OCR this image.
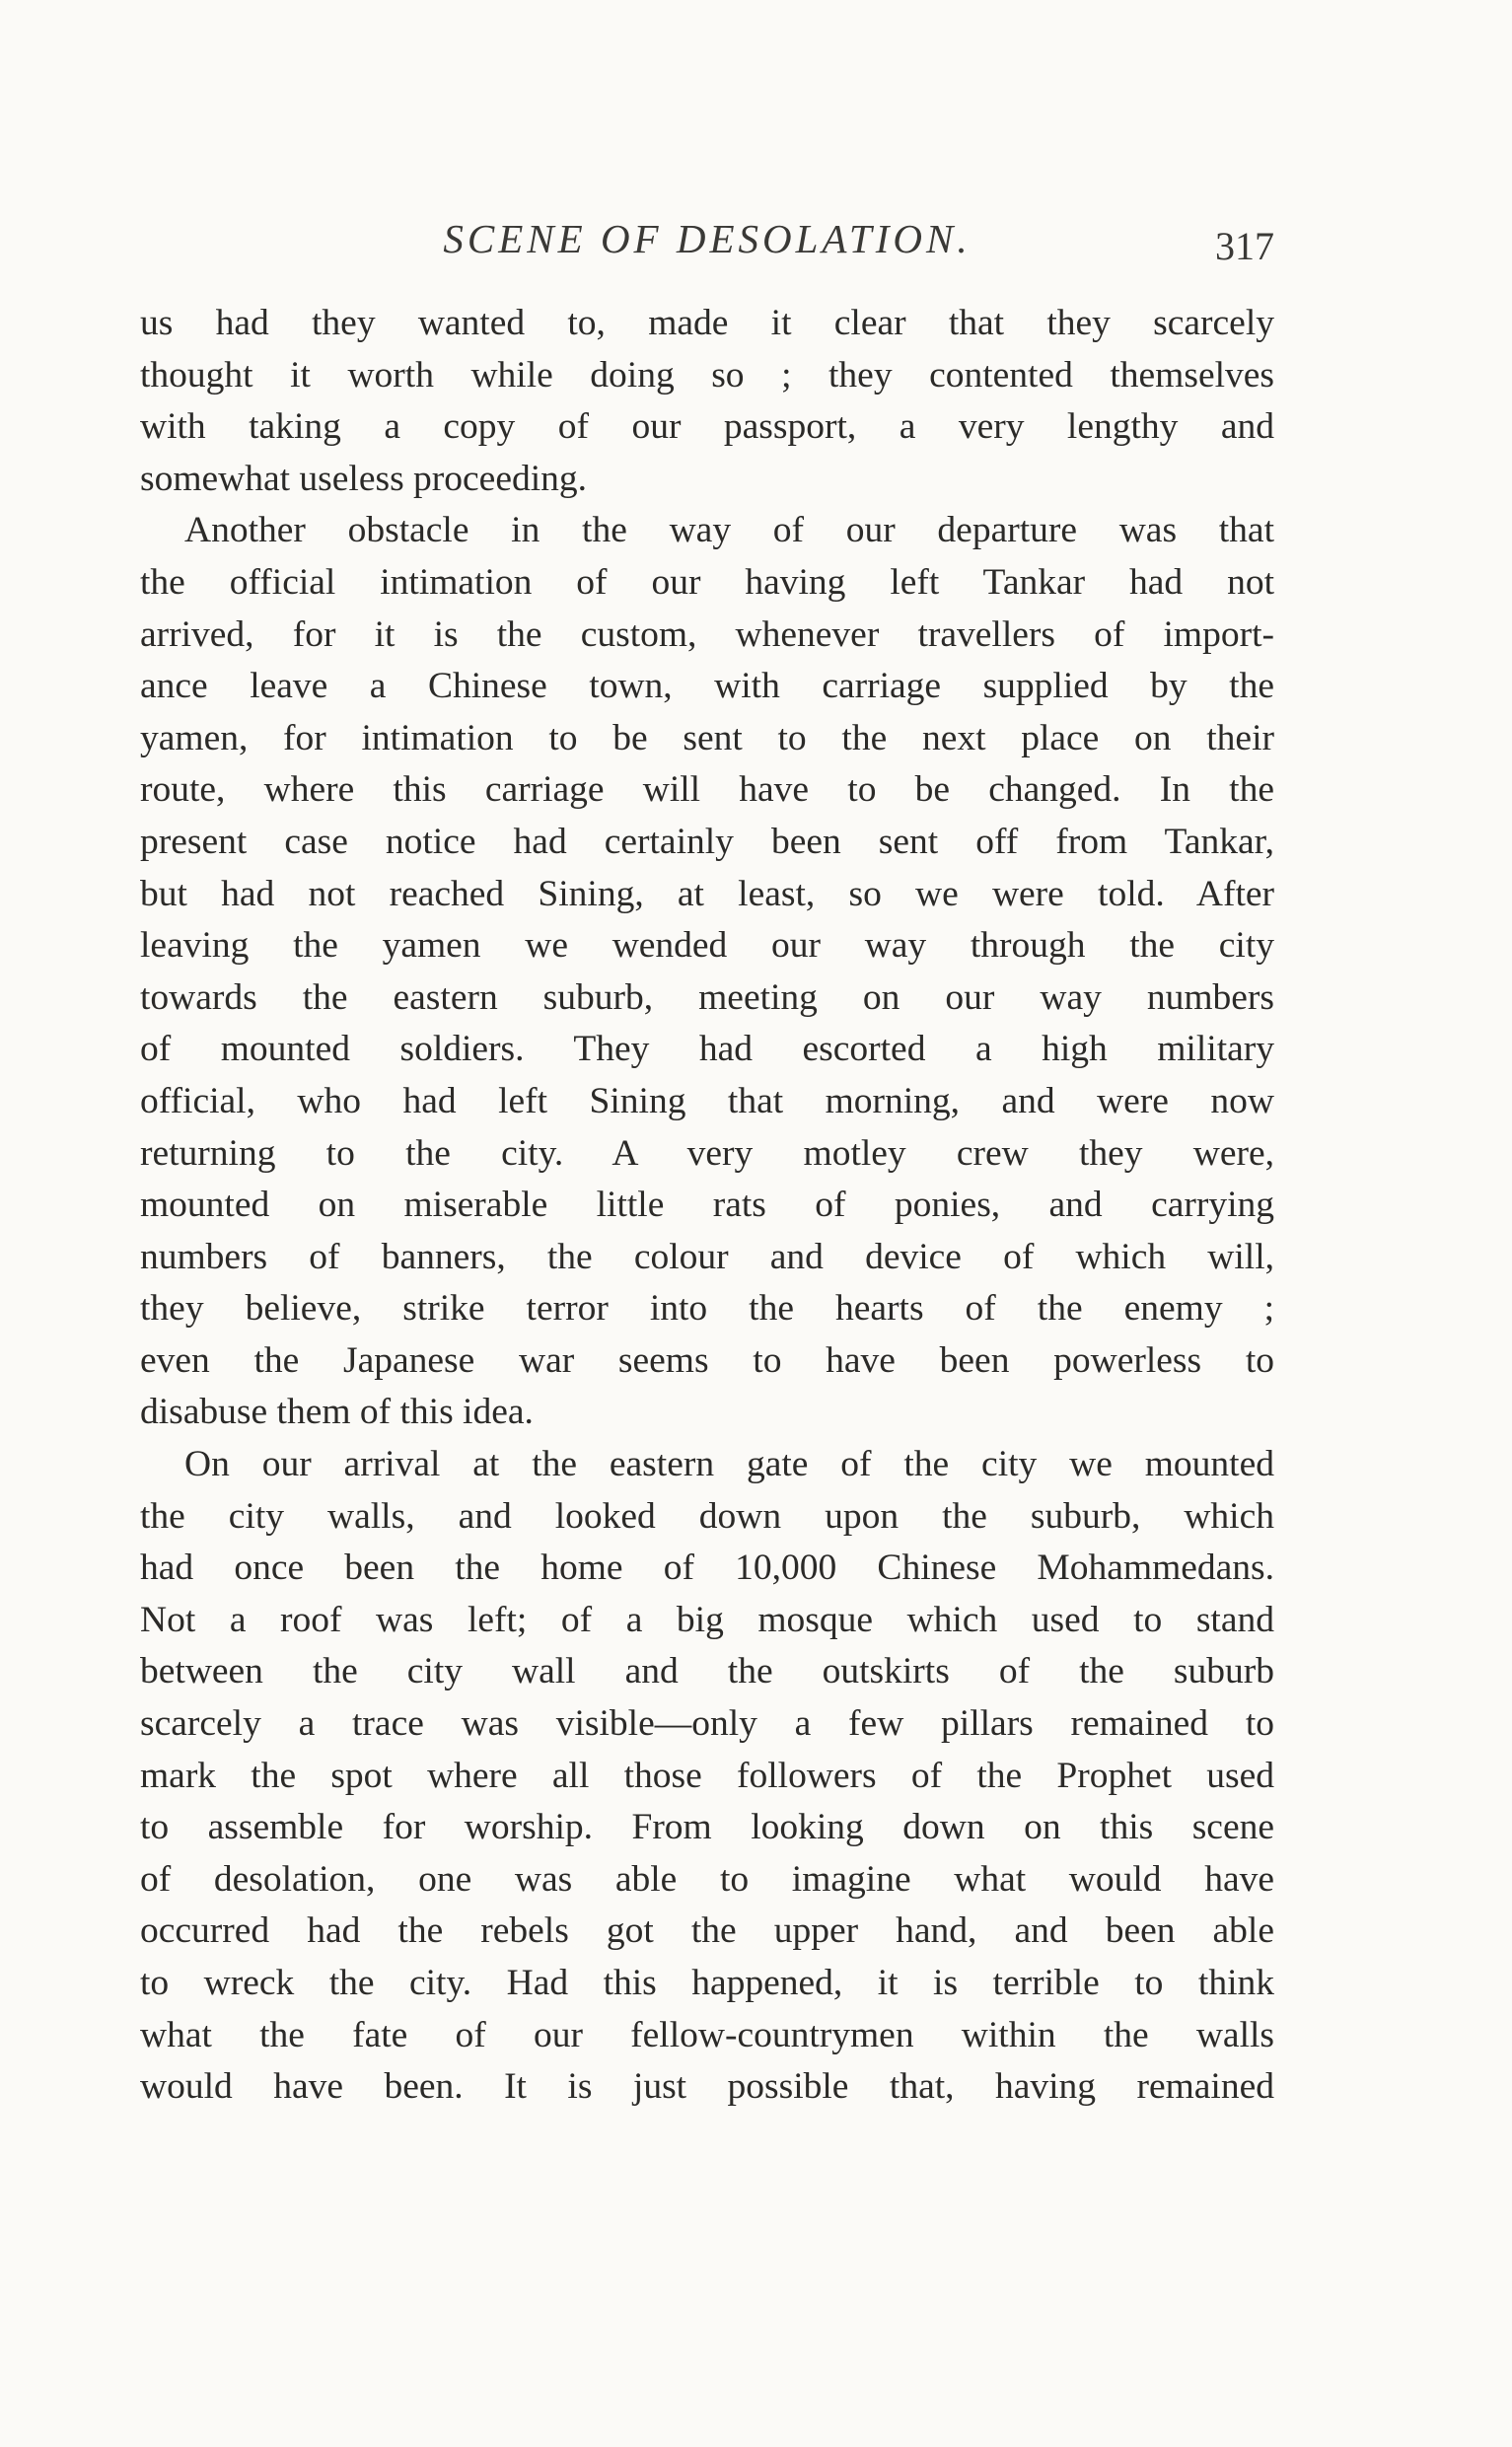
SCENE OF DESOLATION.	317
us had they wanted to, made it clear that they scarcely
thought it worth while doing so ; they contented themselves
with taking a copy of our passport, a very lengthy and
somewhat useless proceeding.
Another obstacle in the way of our departure was that
the official intimation of our having left Tankar had not
arrived, for it is the custom, whenever travellers of import-
ance leave a Chinese town, with carriage supplied by the
yamen, for intimation to be sent to the next place on their
route, where this carriage will have to be changed. In the
present case notice had certainly been sent off from Tankar,
but had not reached Sining, at least, so we were told. After
leaving the yamen we wended our way through the city
towards the eastern suburb, meeting on our way numbers
of mounted soldiers. They had escorted a high military
official, who had left Sining that morning, and were now
returning to the city. A very motley crew they were,
mounted on miserable little rats of ponies, and carrying
numbers of banners, the colour and device of which will,
they believe, strike terror into the hearts of the enemy ;
even the Japanese war seems to have been powerless to
disabuse them of this idea.
On our arrival at the eastern gate of the city we mounted
the city walls, and looked down upon the suburb, which
had once been the home of 10,000 Chinese Mohammedans.
Not a roof was left; of a big mosque which used to stand
between the city wall and the outskirts of the suburb
scarcely a trace was visible—only a few pillars remained to
mark the spot where all those followers of the Prophet used
to assemble for worship. From looking down on this scene
of desolation, one was able to imagine what would have
occurred had the rebels got the upper hand, and been able
to wreck the city. Had this happened, it is terrible to think
what the fate of our fellow-countrymen within the walls
would have been. It is just possible that, having remained
